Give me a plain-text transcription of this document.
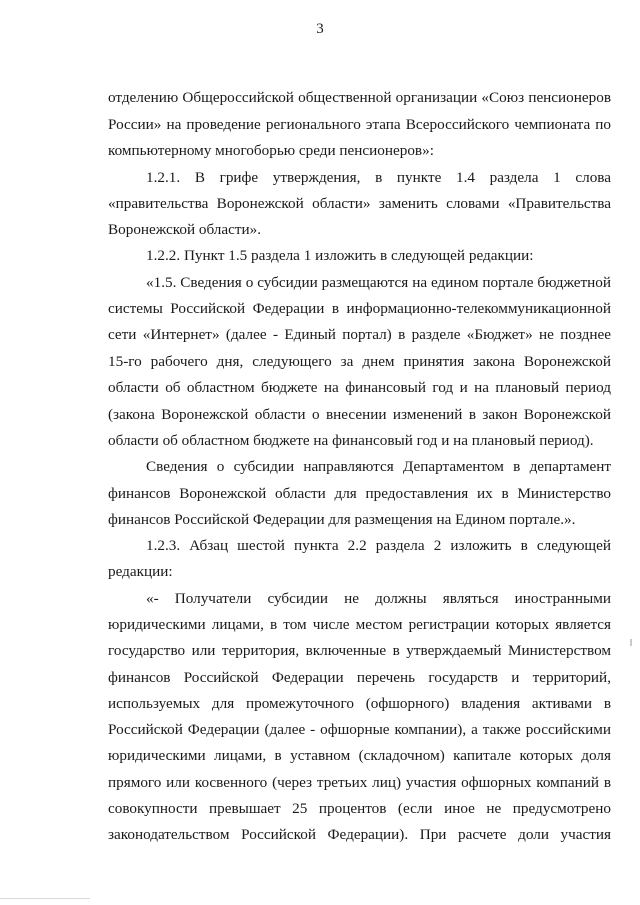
3
отделению Общероссийской общественной организации «Союз пенсионеров
России» на проведение регионального этапа Всероссийского чемпионата по
компьютерному многоборью среди пенсионеров»:
1.2.1. В грифе утверждения, в пункте 1.4 раздела 1 слова
«правительства Воронежской области» заменить словами «Правительства
Воронежской области».
1.2.2. Пункт 1.5 раздела 1 изложить в следующей редакции:
«1.5. Сведения о субсидии размещаются на едином портале бюджетной
системы Российской Федерации в информационно-телекоммуникационной
сети «Интернет» (далее - Единый портал) в разделе «Бюджет» не позднее
15-го рабочего дня, следующего за днем принятия закона Воронежской
области об областном бюджете на финансовый год и на плановый период
(закона Воронежской области о внесении изменений в закон Воронежской
области об областном бюджете на финансовый год и на плановый период).
Сведения о субсидии направляются Департаментом в департамент
финансов Воронежской области для предоставления их в Министерство
финансов Российской Федерации для размещения на Едином портале.».
1.2.3. Абзац шестой пункта 2.2 раздела 2 изложить в следующей
редакции:
«- Получатели субсидии не должны являться иностранными
юридическими лицами, в том числе местом регистрации которых является
государство или территория, включенные в утверждаемый Министерством
финансов Российской Федерации перечень государств и территорий,
используемых для промежуточного (офшорного) владения активами в
Российской Федерации (далее - офшорные компании), а также российскими
юридическими лицами, в уставном (складочном) капитале которых доля
прямого или косвенного (через третьих лиц) участия офшорных компаний в
совокупности превышает 25 процентов (если иное не предусмотрено
законодательством Российской Федерации). При расчете доли участия
